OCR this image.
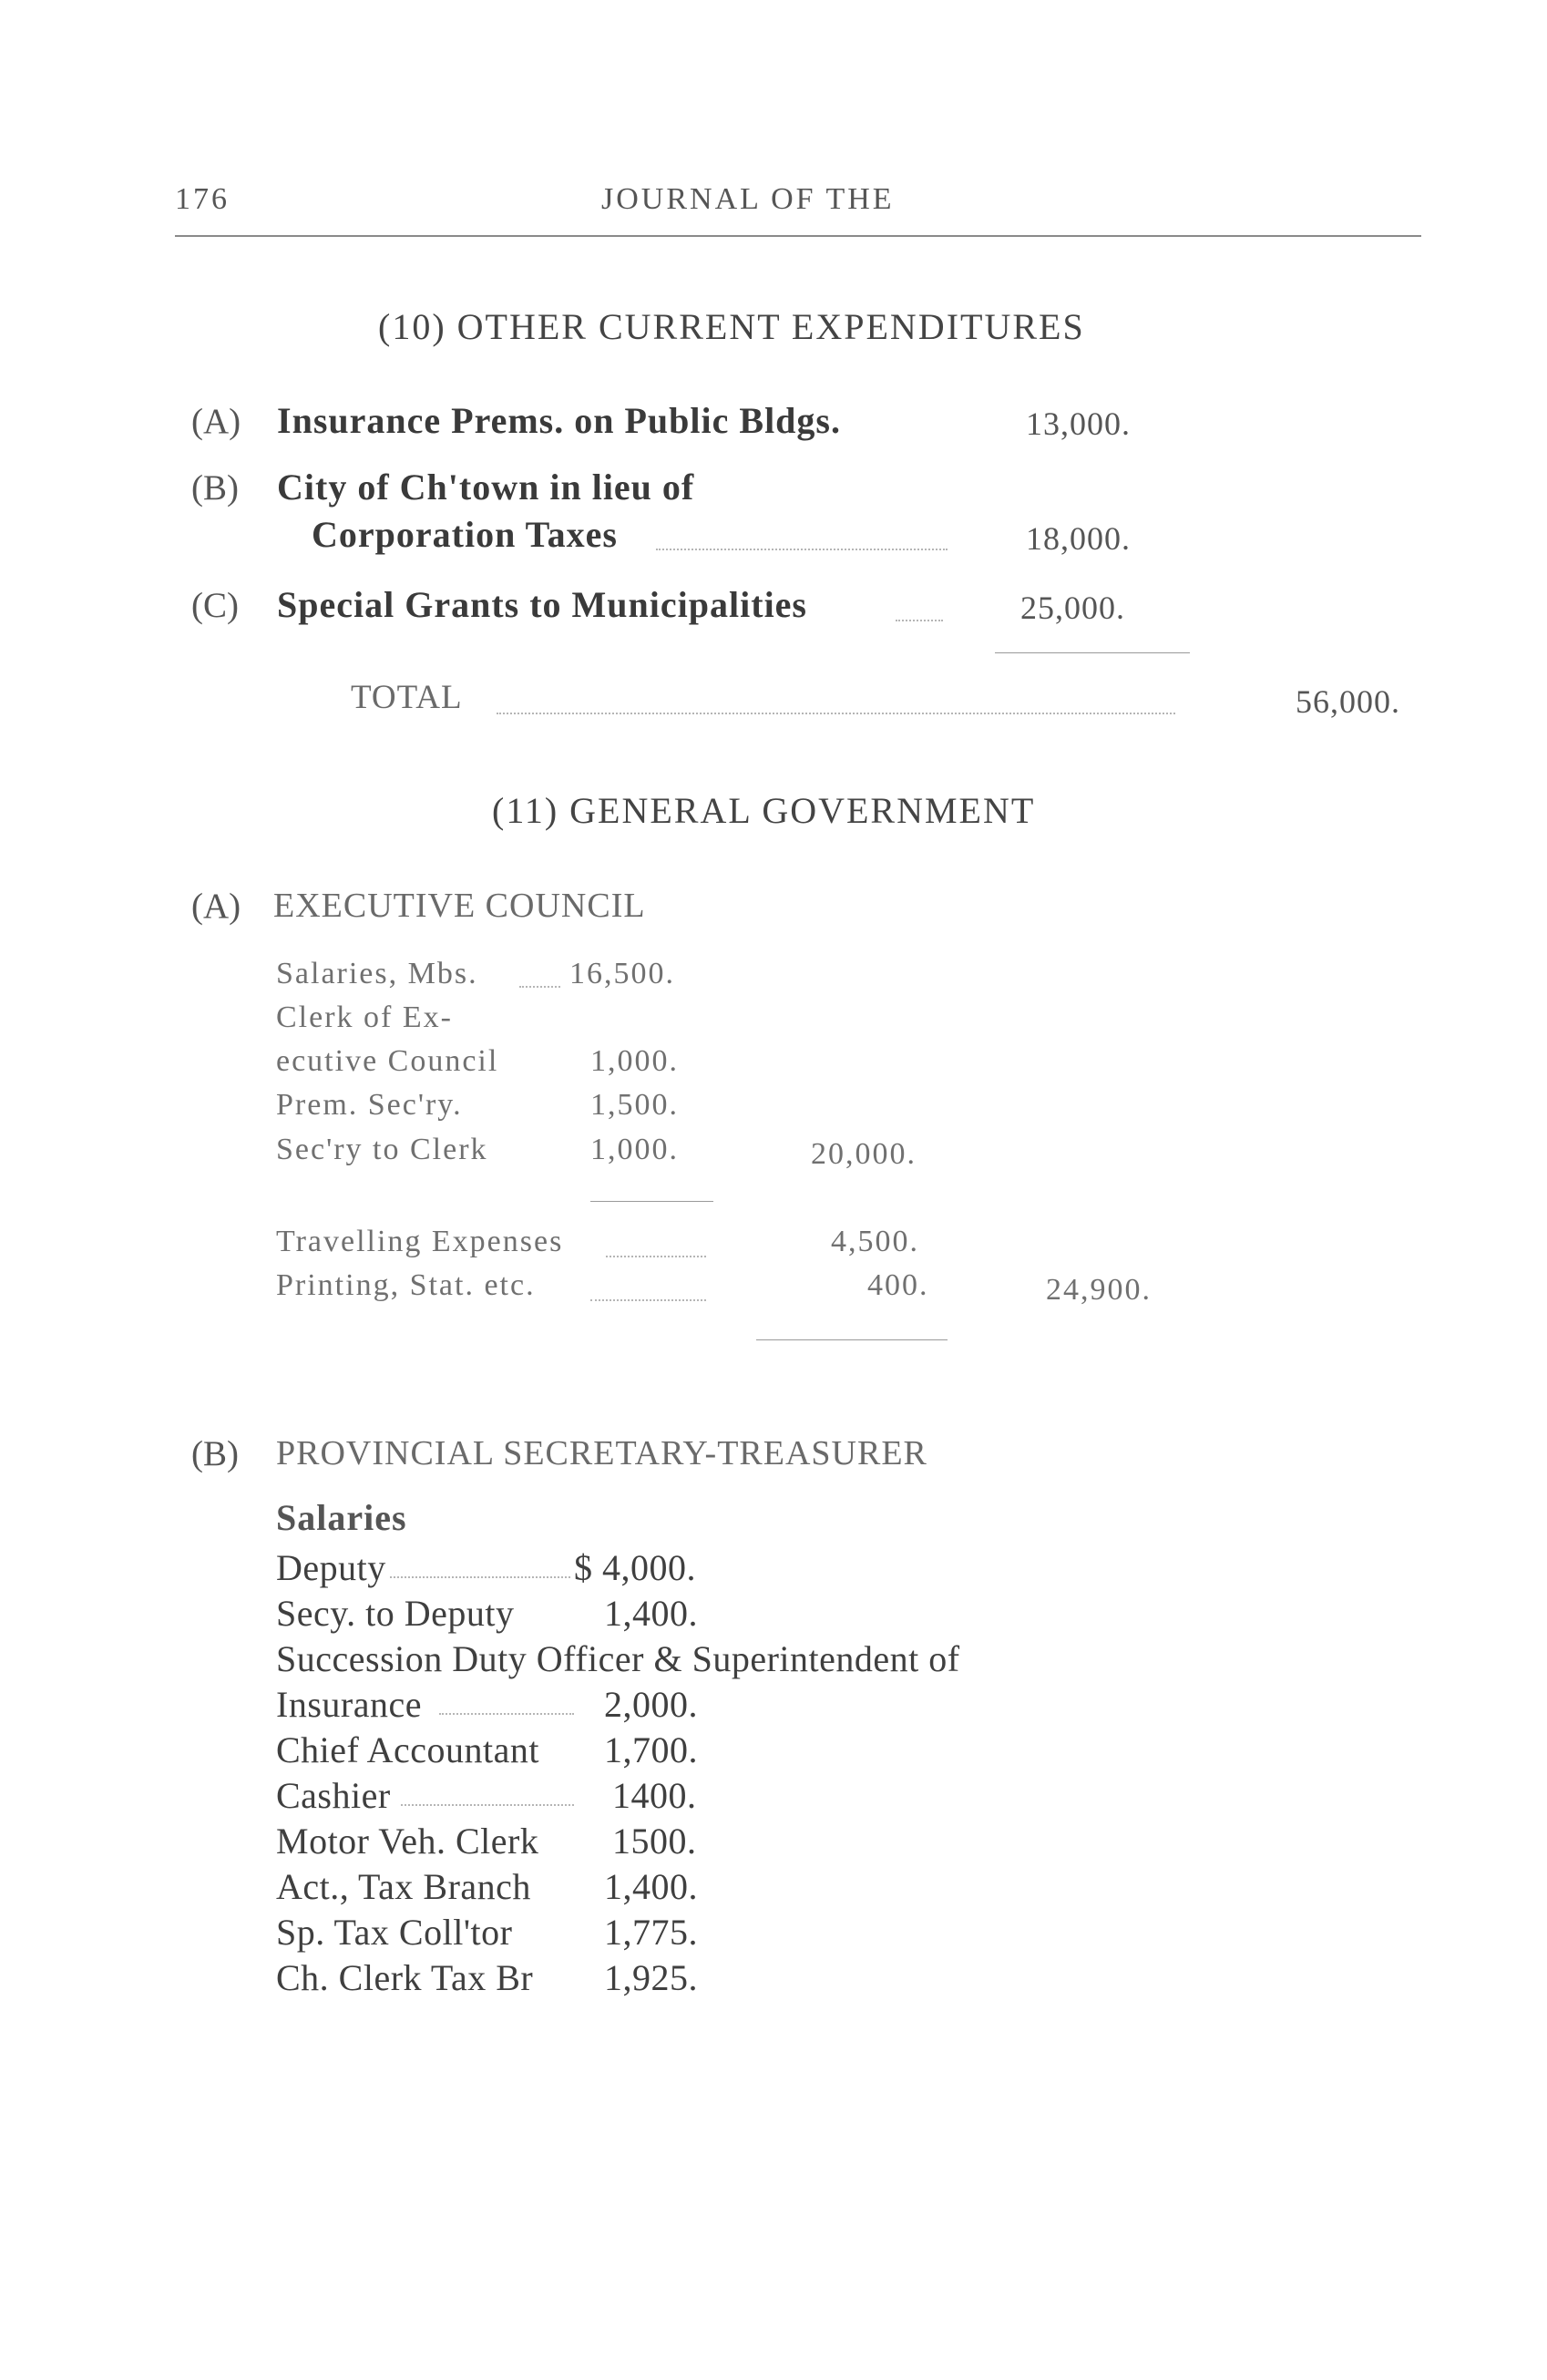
176	JOURNAL OF THE
(10) OTHER CURRENT EXPENDITURES
(A) Insurance Prems. on Public Bldgs.	13,000.
(B) City of Ch'town in lieu of
Corporation Taxes	18,000.
(C) Special Grants to Municipalities	25,000.
TOTAL	56,000.
(11) GENERAL GOVERNMENT
(A) EXECUTIVE COUNCIL
Salaries, Mbs.	16,500.
Clerk of Ex-
ecutive Council	1,000.
Prem. Sec'ry.	1,500.
Sec'ry to Clerk	1,000.	20,000.
Travelling Expenses	4,500.
Printing, Stat. etc.	400.	24,900.
(B) PROVINCIAL SECRETARY-TREASURER
Salaries
Deputy	$ 4,000.
Secy. to Deputy 1,400.
Succession Duty Officer & Superintendent of
Insurance	2,000.
Chief Accountant 1,700.
Cashier	1400.
Motor Veh. Clerk 1500.
Act., Tax Branch 1,400.
Sp. Tax Coll'tor	1,775.
Ch. Clerk Tax Br 1,925.
